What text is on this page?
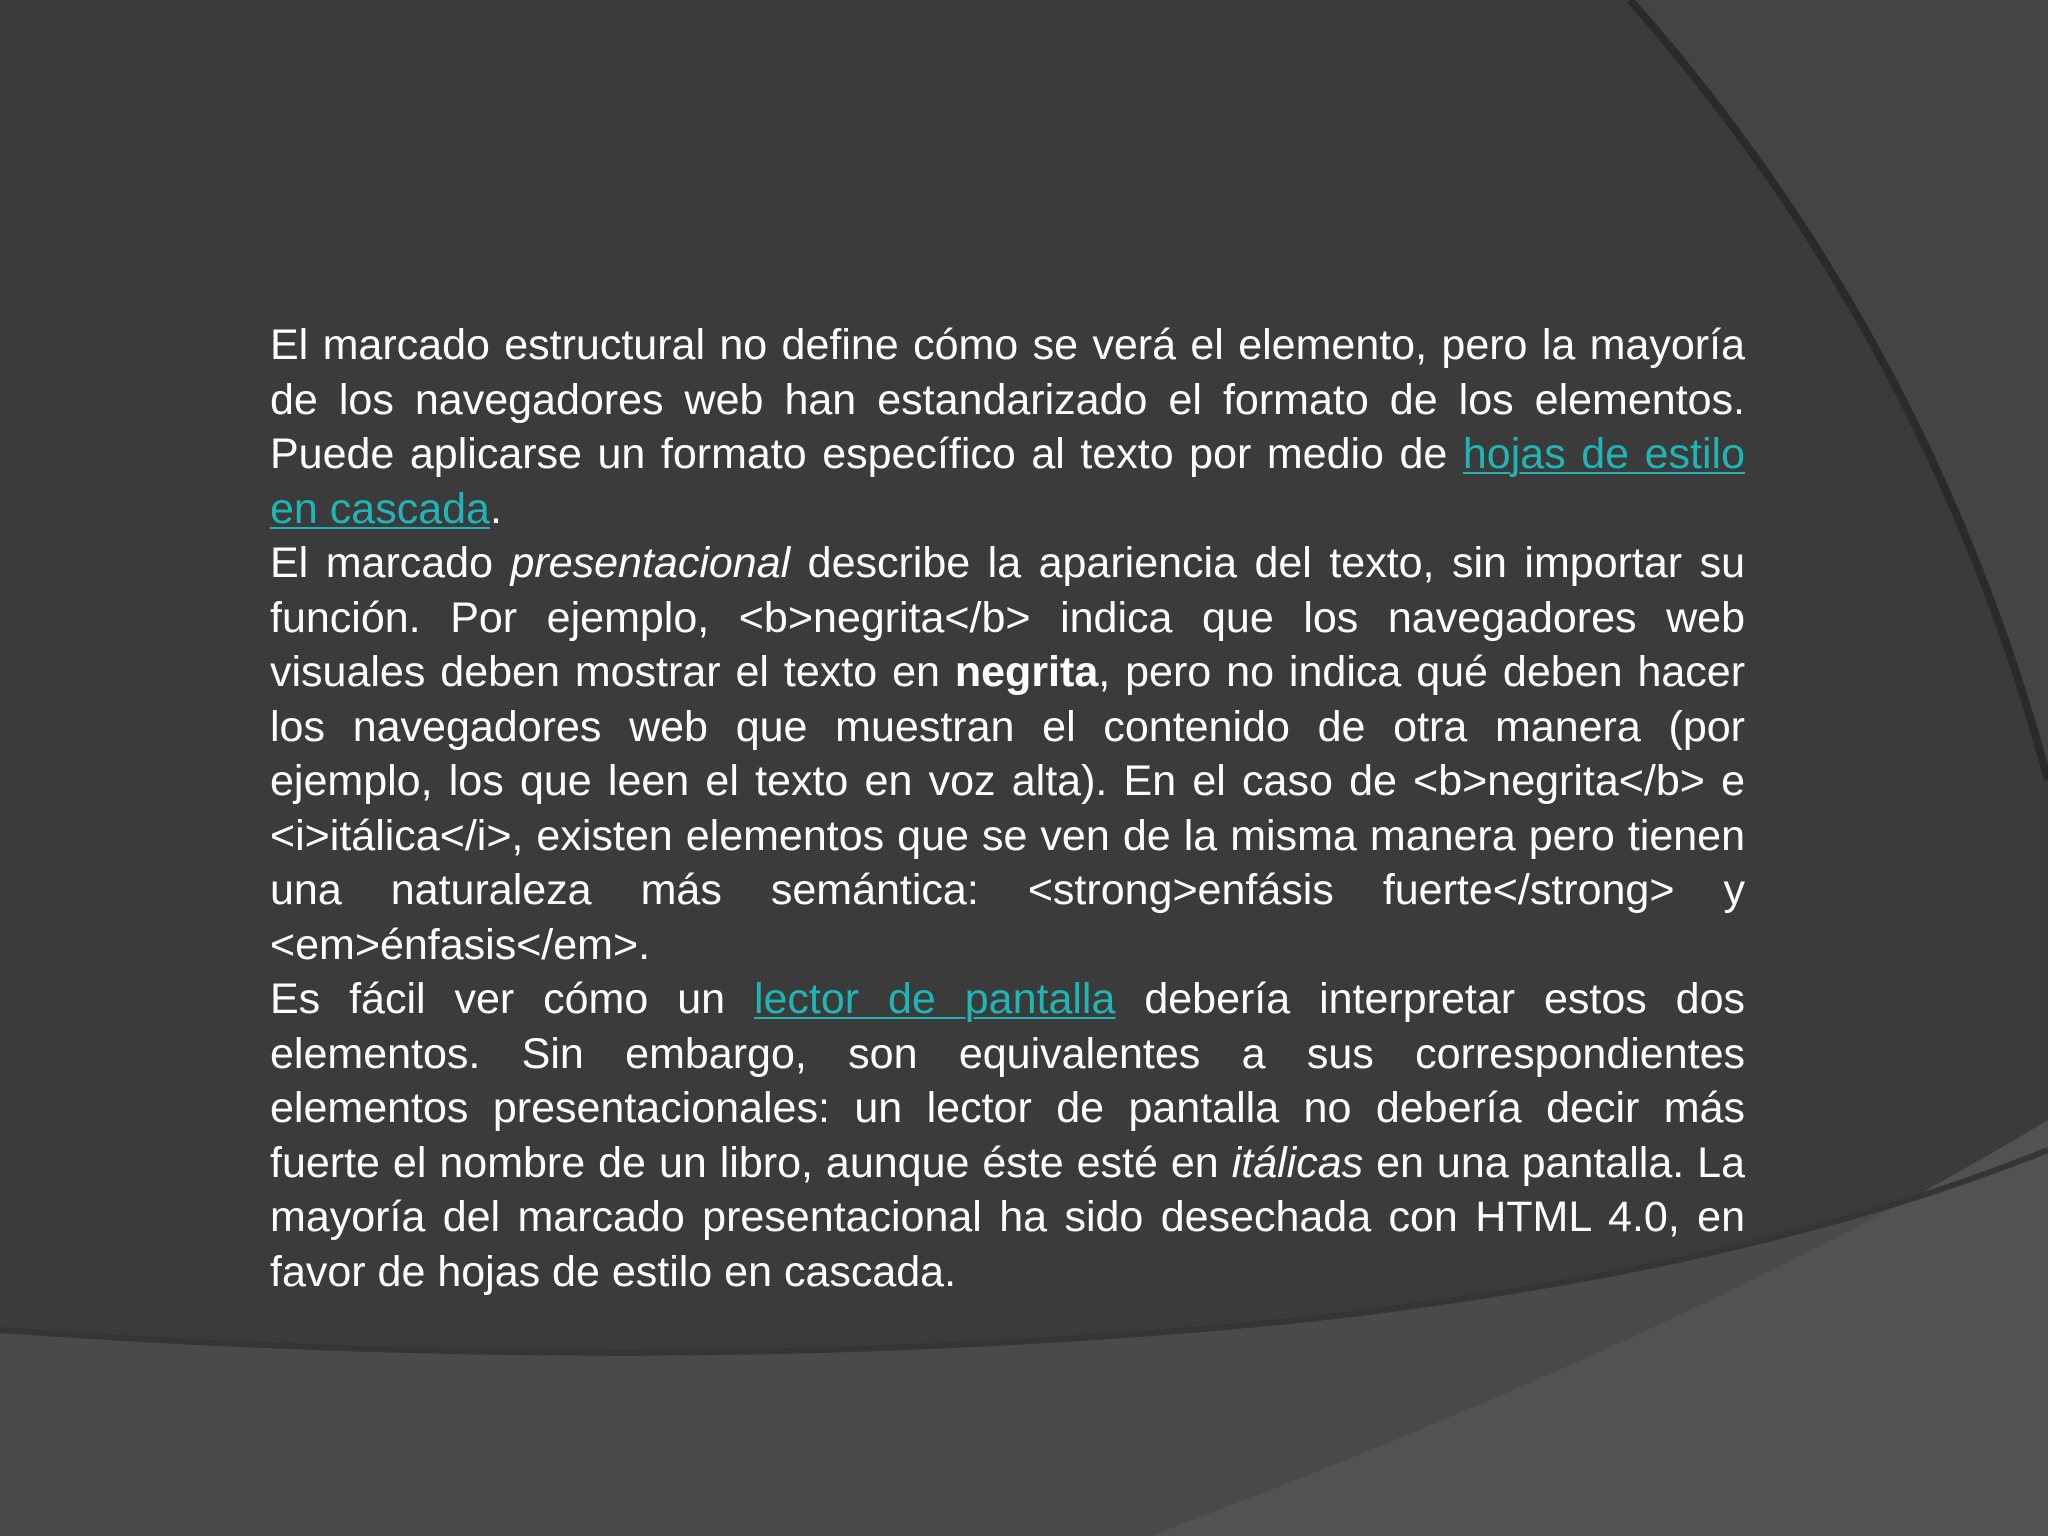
El marcado estructural no define cómo se verá el elemento, pero la mayoría de los navegadores web han estandarizado el formato de los elementos. Puede aplicarse un formato específico al texto por medio de hojas de estilo en cascada.

El marcado presentacional describe la apariencia del texto, sin importar su función. Por ejemplo, <b>negrita</b> indica que los navegadores web visuales deben mostrar el texto en negrita, pero no indica qué deben hacer los navegadores web que muestran el contenido de otra manera (por ejemplo, los que leen el texto en voz alta). En el caso de <b>negrita</b> e <i>itálica</i>, existen elementos que se ven de la misma manera pero tienen una naturaleza más semántica: <strong>enfásis fuerte</strong> y <em>énfasis</em>.

Es fácil ver cómo un lector de pantalla debería interpretar estos dos elementos. Sin embargo, son equivalentes a sus correspondientes elementos presentacionales: un lector de pantalla no debería decir más fuerte el nombre de un libro, aunque éste esté en itálicas en una pantalla. La mayoría del marcado presentacional ha sido desechada con HTML 4.0, en favor de hojas de estilo en cascada.
